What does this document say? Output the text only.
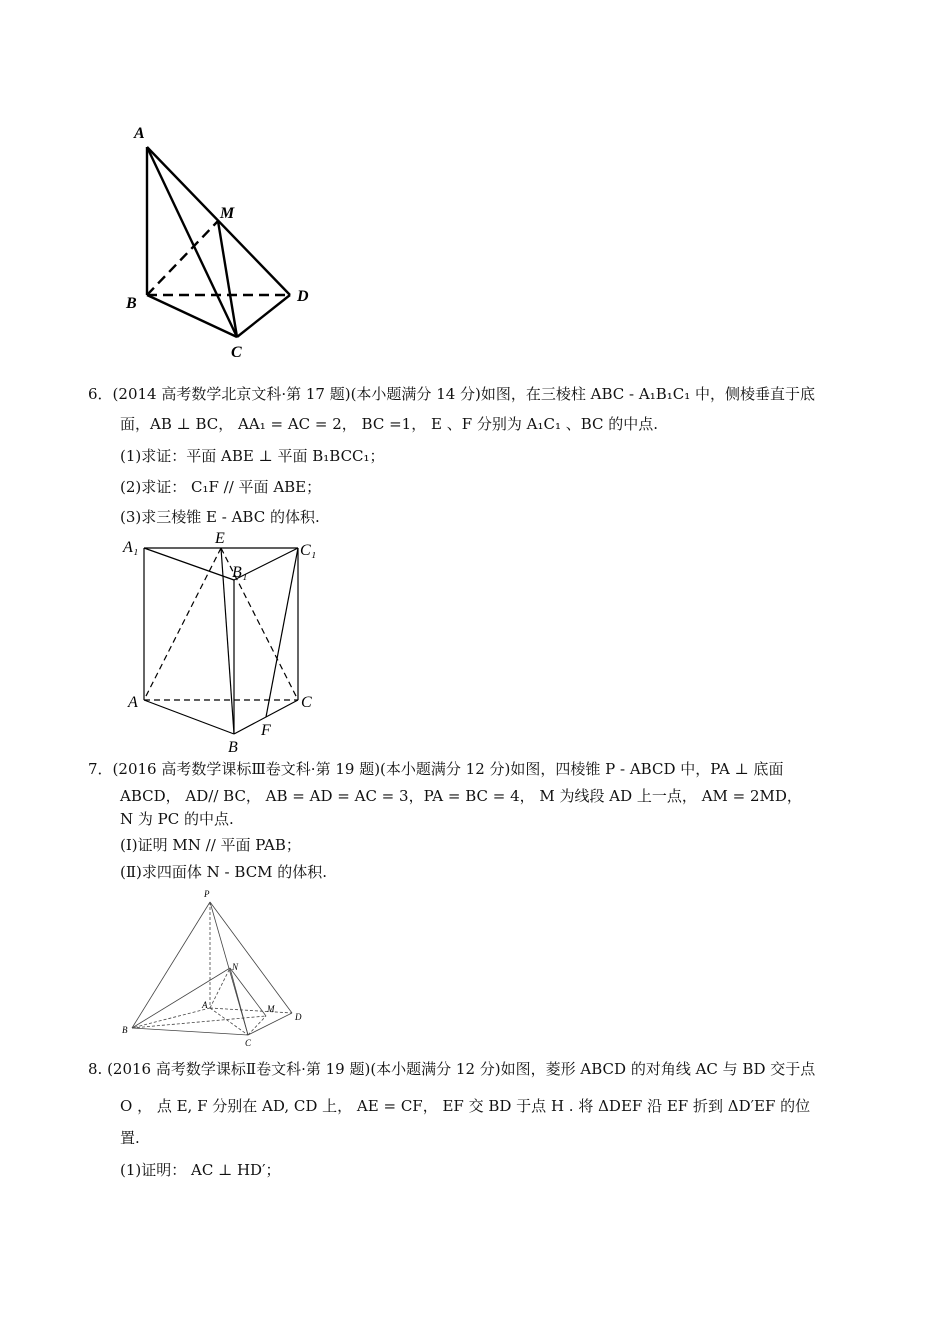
A
M
B	D
C
6．(2014 高考数学北京文科·第 17 题)(本小题满分 14 分)如图，在三棱柱 ABC - A₁B₁C₁ 中，侧棱垂直于底
面，AB ⊥ BC， AA₁ = AC = 2， BC =1， E 、F 分别为 A₁C₁ 、BC 的中点.
(1)求证：平面 ABE ⊥ 平面 B₁BCC₁；
(2)求证： C₁F // 平面 ABE；
(3)求三棱锥 E - ABC 的体积.
A₁
E
C₁
B₁
A	C
F
B
7．(2016 高考数学课标Ⅲ卷文科·第 19 题)(本小题满分 12 分)如图，四棱锥 P - ABCD 中，PA ⊥ 底面
ABCD， AD// BC， AB = AD = AC = 3，PA = BC = 4， M 为线段 AD 上一点， AM = 2MD，
N 为 PC 的中点.
(I)证明 MN // 平面 PAB；
(Ⅱ)求四面体 N - BCM 的体积.
P
N
A	M
B
D
C
8. (2016 高考数学课标Ⅱ卷文科·第 19 题)(本小题满分 12 分)如图，菱形 ABCD 的对角线 AC 与 BD 交于点
O ， 点 E, F 分别在 AD, CD 上， AE = CF， EF 交 BD 于点 H . 将 ΔDEF 沿 EF 折到 ΔD′EF 的位
置.
(1)证明： AC ⊥ HD′；
